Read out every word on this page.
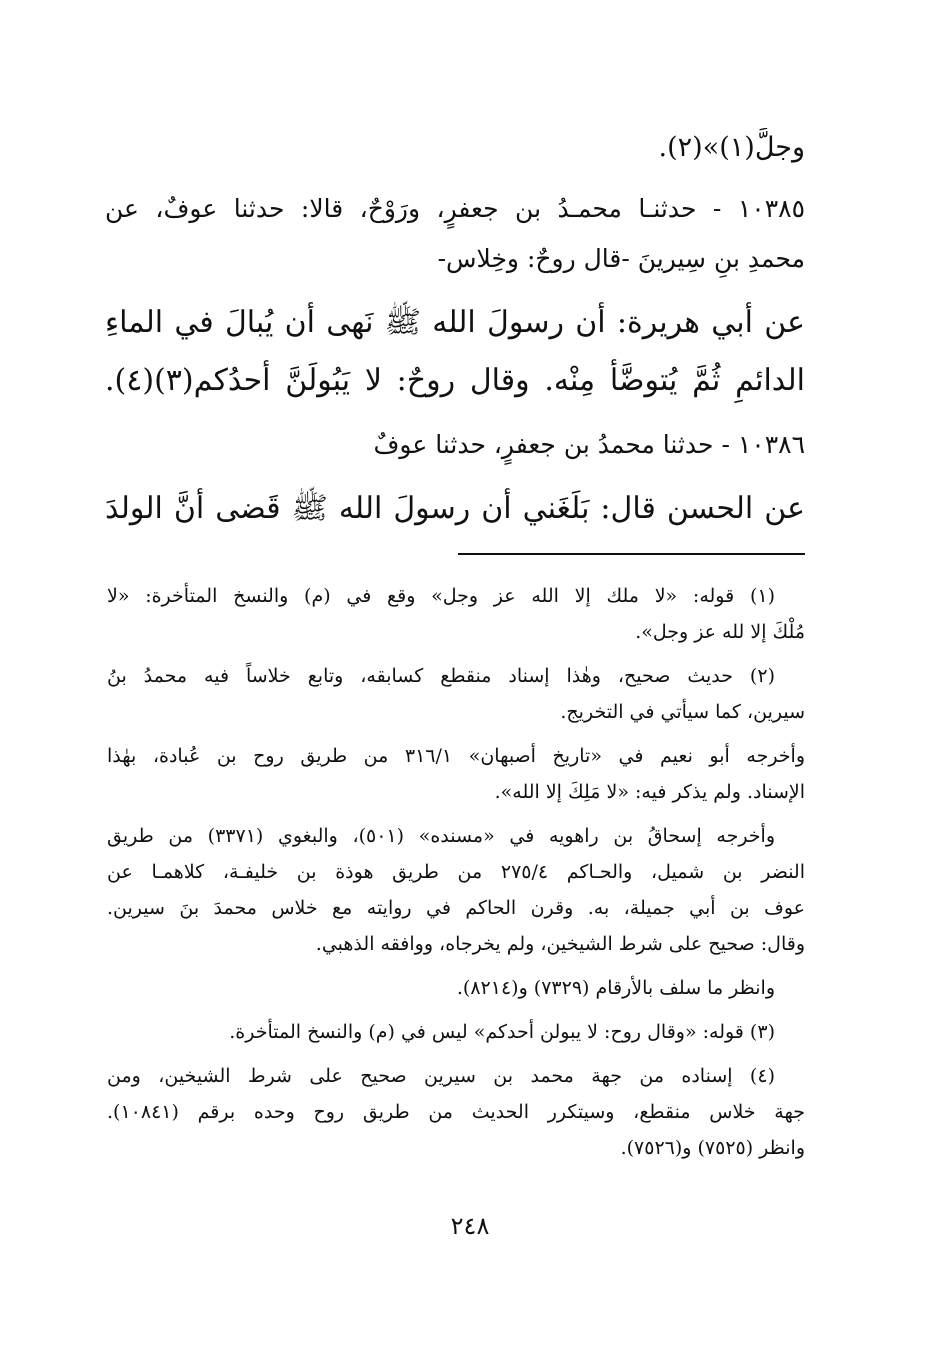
وجلَّ(١)»(٢).

١٠٣٨٥ - حدثنـا محمـدُ بن جعفرٍ، ورَوْحٌ، قالا: حدثنا عوفٌ، عن
محمدِ بنِ سِيرينَ -قال روحٌ: وخِلاس-

عن أبي هريرة: أن رسولَ الله ﷺ نَهى أن يُبالَ في الماءِ
الدائمِ ثُمَّ يُتوضَّأ مِنْه. وقال روحٌ: لا يَبُولَنَّ أحدُكم(٣)(٤).

١٠٣٨٦ - حدثنا محمدُ بن جعفرٍ، حدثنا عوفٌ

عن الحسن قال: بَلَغَني أن رسولَ الله ﷺ قَضى أنَّ الولدَ

(١) قوله: «لا ملك إلا الله عز وجل» وقع في (م) والنسخ المتأخرة: «لا
مُلْكَ إلا لله عز وجل».

(٢) حديث صحيح، وهٰذا إسناد منقطع كسابقه، وتابع خلاساً فيه محمدُ بنُ
سيرين، كما سيأتي في التخريج.

وأخرجه أبو نعيم في «تاريخ أصبهان» ٣١٦/١ من طريق روح بن عُبادة، بهٰذا
الإسناد. ولم يذكر فيه: «لا مَلِكَ إلا الله».

وأخرجه إسحاقُ بن راهويه في «مسنده» (٥٠١)، والبغوي (٣٣٧١) من طريق
النضر بن شميل، والحـاكم ٢٧٥/٤ من طريق هوذة بن خليفـة، كلاهمـا عن
عوف بن أبي جميلة، به. وقرن الحاكم في روايته مع خلاس محمدَ بنَ سيرين.
وقال: صحيح على شرط الشيخين، ولم يخرجاه، ووافقه الذهبي.

وانظر ما سلف بالأرقام (٧٣٢٩) و(٨٢١٤).

(٣) قوله: «وقال روح: لا يبولن أحدكم» ليس في (م) والنسخ المتأخرة.

(٤) إسناده من جهة محمد بن سيرين صحيح على شرط الشيخين، ومن
جهة خلاس منقطع، وسيتكرر الحديث من طريق روح وحده برقم (١٠٨٤١).
وانظر (٧٥٢٥) و(٧٥٢٦).

٢٤٨
